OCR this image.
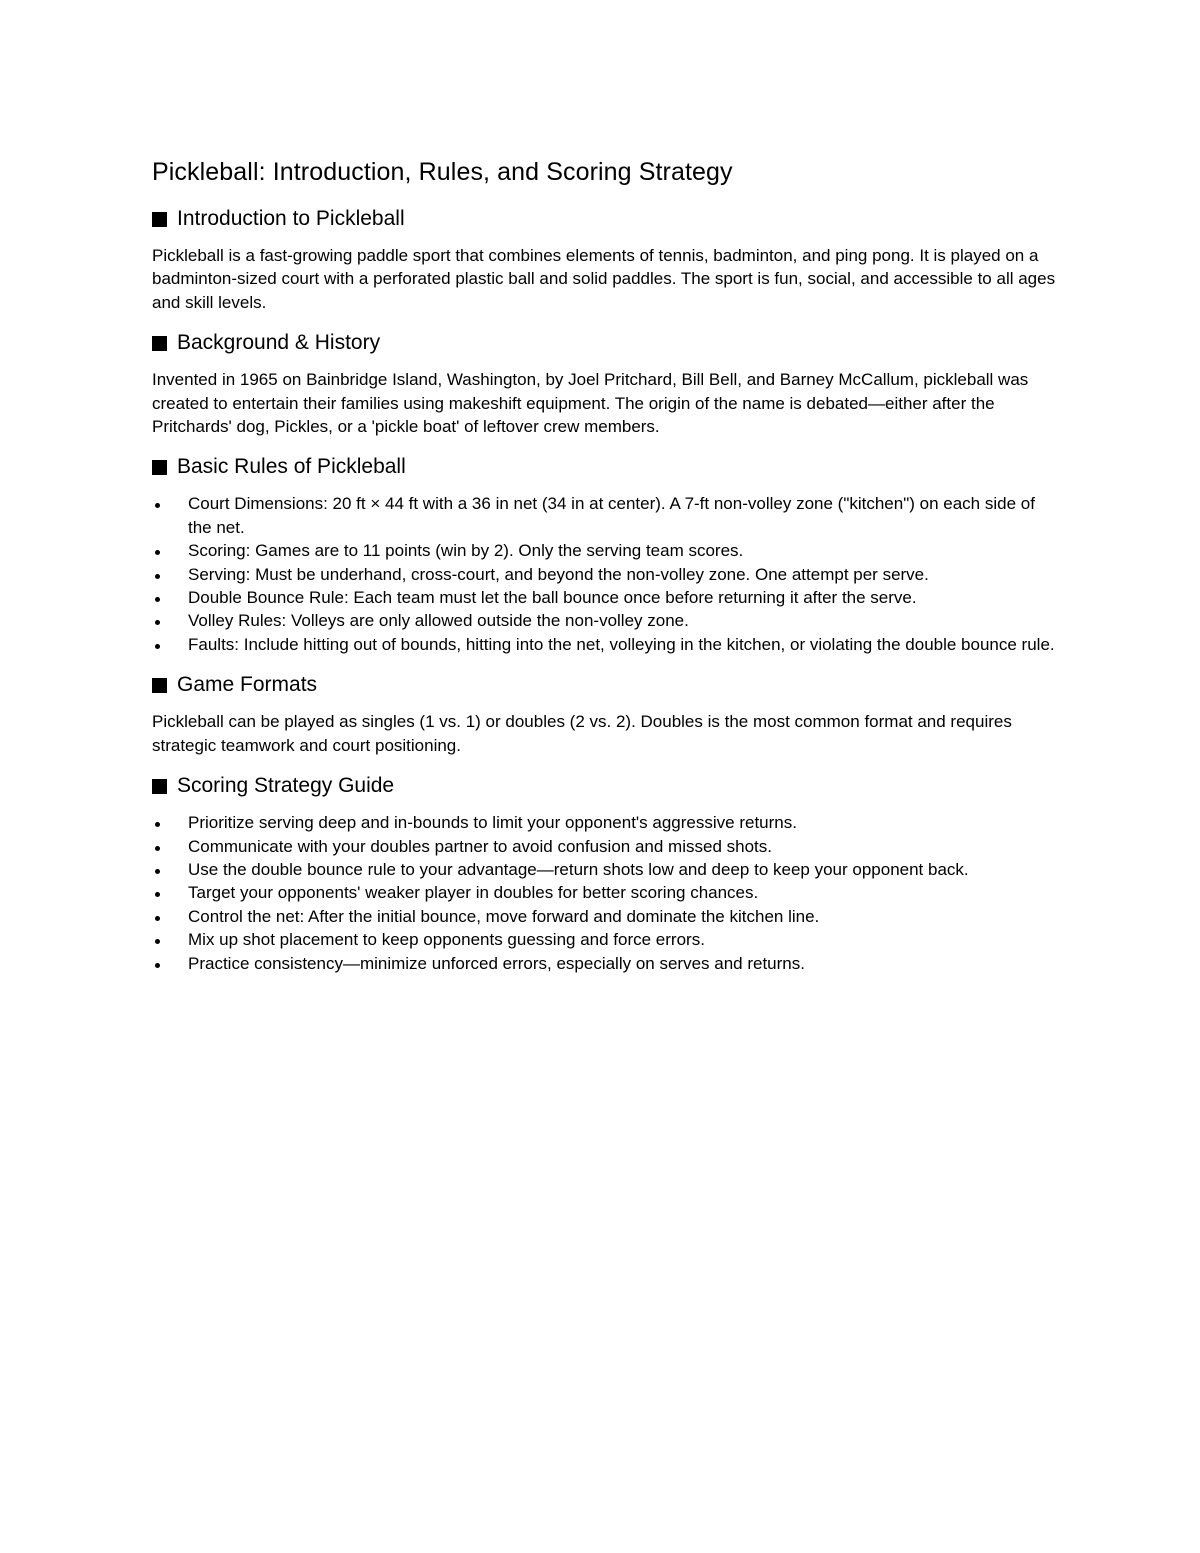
Pickleball: Introduction, Rules, and Scoring Strategy
Introduction to Pickleball

Pickleball is a fast-growing paddle sport that combines elements of tennis, badminton, and ping pong. It is played on a badminton-sized court with a perforated plastic ball and solid paddles. The sport is fun, social, and accessible to all ages and skill levels.

Background & History

Invented in 1965 on Bainbridge Island, Washington, by Joel Pritchard, Bill Bell, and Barney McCallum, pickleball was created to entertain their families using makeshift equipment. The origin of the name is debated—either after the Pritchards' dog, Pickles, or a 'pickle boat' of leftover crew members.

Basic Rules of Pickleball
Court Dimensions: 20 ft × 44 ft with a 36 in net (34 in at center). A 7-ft non-volley zone ("kitchen") on each side of the net.
Scoring: Games are to 11 points (win by 2). Only the serving team scores.
Serving: Must be underhand, cross-court, and beyond the non-volley zone. One attempt per serve.
Double Bounce Rule: Each team must let the ball bounce once before returning it after the serve.
Volley Rules: Volleys are only allowed outside the non-volley zone.
Faults: Include hitting out of bounds, hitting into the net, volleying in the kitchen, or violating the double bounce rule.
Game Formats

Pickleball can be played as singles (1 vs. 1) or doubles (2 vs. 2). Doubles is the most common format and requires strategic teamwork and court positioning.

Scoring Strategy Guide
Prioritize serving deep and in-bounds to limit your opponent's aggressive returns.
Communicate with your doubles partner to avoid confusion and missed shots.
Use the double bounce rule to your advantage—return shots low and deep to keep your opponent back.
Target your opponents' weaker player in doubles for better scoring chances.
Control the net: After the initial bounce, move forward and dominate the kitchen line.
Mix up shot placement to keep opponents guessing and force errors.
Practice consistency—minimize unforced errors, especially on serves and returns.
